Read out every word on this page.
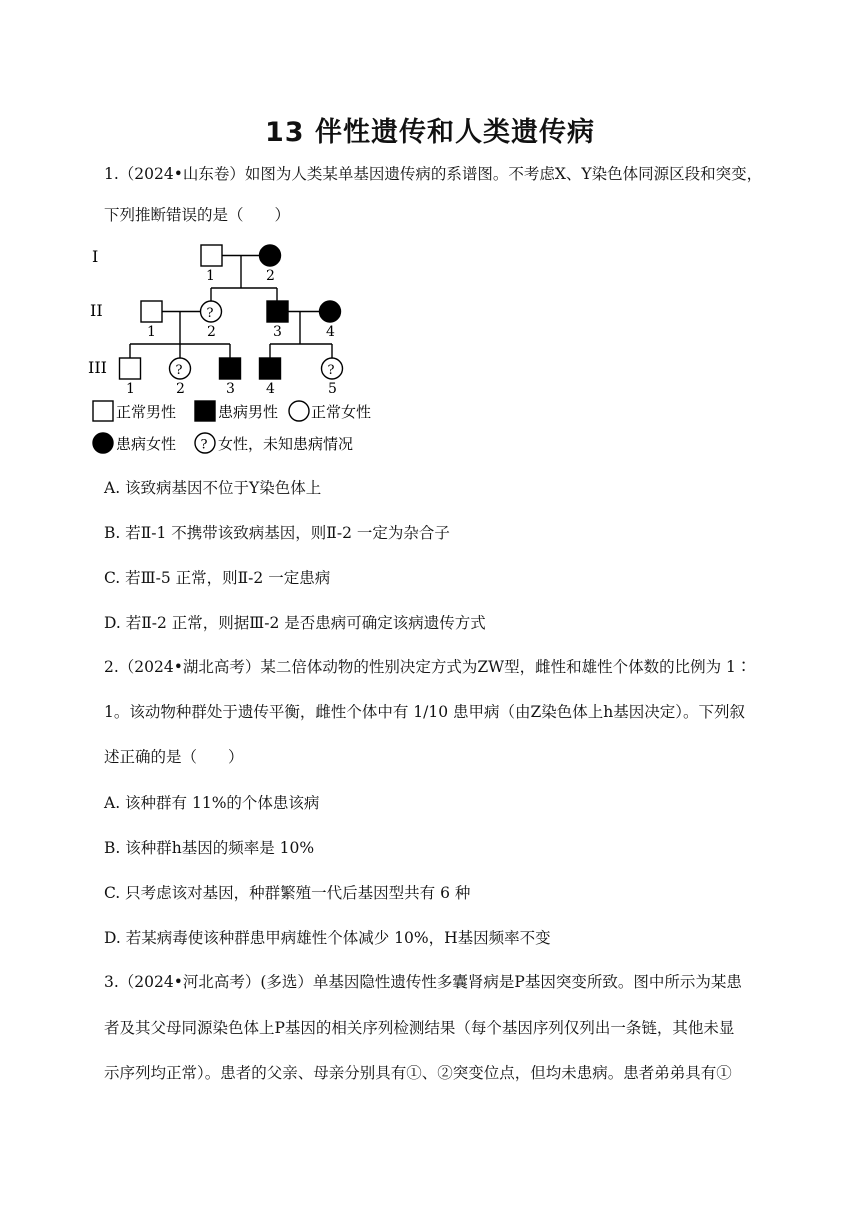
13 伴性遗传和人类遗传病
1.（2024•山东卷）如图为人类某单基因遗传病的系谱图。不考虑X、Y染色体同源区段和突变，
下列推断错误的是（　　）
I
II
III
1	2
?
1	2	3	4
?	?
1	2	3 4	5
正常男性	患病男性 正常女性
患病女性 ? 女性，未知患病情况
A. 该致病基因不位于Y染色体上
B. 若Ⅱ-1 不携带该致病基因，则Ⅱ-2 一定为杂合子
C. 若Ⅲ-5 正常，则Ⅱ-2 一定患病
D. 若Ⅱ-2 正常，则据Ⅲ-2 是否患病可确定该病遗传方式
2.（2024•湖北高考）某二倍体动物的性别决定方式为ZW型，雌性和雄性个体数的比例为 1∶
1。该动物种群处于遗传平衡，雌性个体中有 1/10 患甲病（由Z染色体上h基因决定）。下列叙
述正确的是（　　）
A. 该种群有 11%的个体患该病
B. 该种群h基因的频率是 10%
C. 只考虑该对基因，种群繁殖一代后基因型共有 6 种
D. 若某病毒使该种群患甲病雄性个体减少 10%，H基因频率不变
3.（2024•河北高考）(多选）单基因隐性遗传性多囊肾病是P基因突变所致。图中所示为某患
者及其父母同源染色体上P基因的相关序列检测结果（每个基因序列仅列出一条链，其他未显
示序列均正常）。患者的父亲、母亲分别具有①、②突变位点，但均未患病。患者弟弟具有①
